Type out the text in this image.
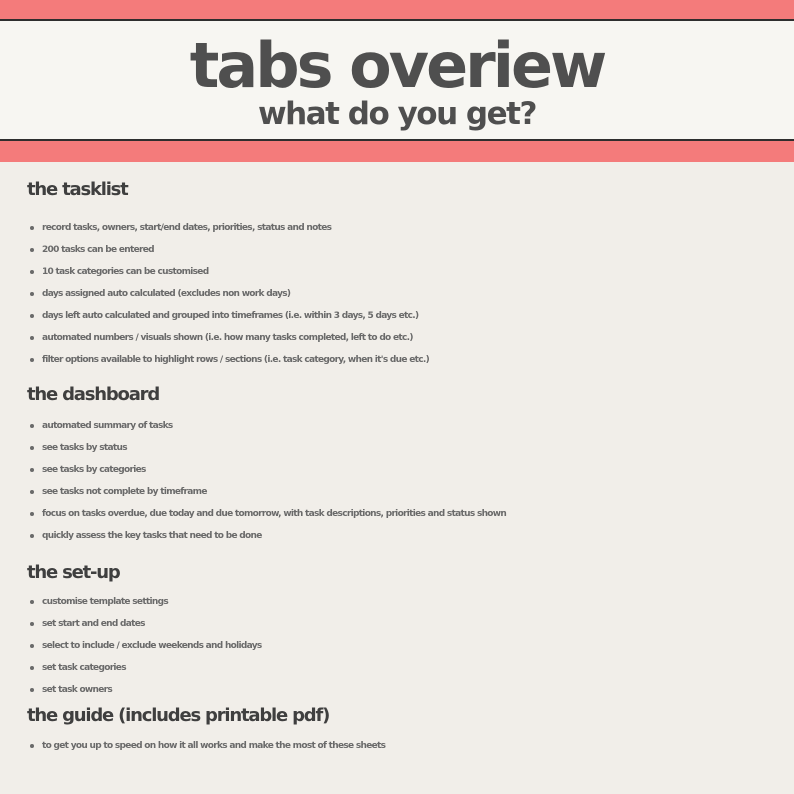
tabs overiew
what do you get?
the tasklist
record tasks, owners, start/end dates, priorities, status and notes
200 tasks can be entered
10 task categories can be customised
days assigned auto calculated (excludes non work days)
days left auto calculated and grouped into timeframes (i.e. within 3 days, 5 days etc.)
automated numbers / visuals shown (i.e. how many tasks completed, left to do etc.)
filter options available to highlight rows / sections (i.e. task category, when it's due etc.)
the dashboard
automated summary of tasks
see tasks by status
see tasks by categories
see tasks not complete by timeframe
focus on tasks overdue, due today and due tomorrow, with task descriptions, priorities and status shown
quickly assess the key tasks that need to be done
the set-up
customise template settings
set start and end dates
select to include / exclude weekends and holidays
set task categories
set task owners
the guide (includes printable pdf)
to get you up to speed on how it all works and make the most of these sheets
